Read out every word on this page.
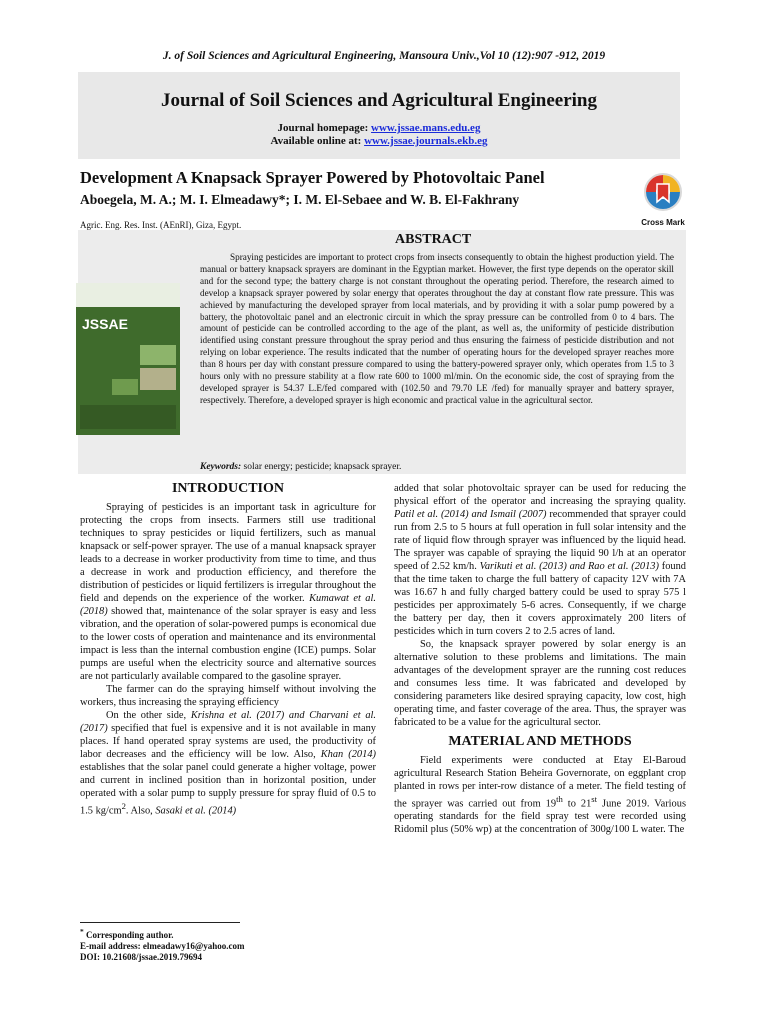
J. of Soil Sciences and Agricultural Engineering, Mansoura Univ.,Vol 10 (12):907 -912, 2019
Journal of Soil Sciences and Agricultural Engineering
Journal homepage: www.jssae.mans.edu.eg
Available online at: www.jssae.journals.ekb.eg
Development A Knapsack Sprayer Powered by Photovoltaic Panel
Aboegela, M. A.; M. I. Elmeadawy*; I. M. El-Sebaee and W. B. El-Fakhrany
Agric. Eng. Res. Inst. (AEnRI), Giza, Egypt.	Cross Mark
ABSTRACT
JSSAE

Spraying pesticides are important to protect crops from insects consequently to obtain the highest production yield. The manual or battery knapsack sprayers are dominant in the Egyptian market. However, the first type depends on the operator skill and for the second type; the battery charge is not constant throughout the operating period. Therefore, the research aimed to develop a knapsack sprayer powered by solar energy that operates throughout the day at constant flow rate pressure. This was achieved by manufacturing the developed sprayer from local materials, and by providing it with a solar pump powered by a battery, the photovoltaic panel and an electronic circuit in which the spray pressure can be controlled from 0 to 4 bars. The amount of pesticide can be controlled according to the age of the plant, as well as, the uniformity of pesticide distribution identified using constant pressure throughout the spray period and thus ensuring the fairness of pesticide distribution and not relying on lobar experience. The results indicated that the number of operating hours for the developed sprayer reaches more than 8 hours per day with constant pressure compared to using the battery-powered sprayer only, which operates from 1.5 to 3 hours only with no pressure stability at a flow rate 600 to 1000 ml/min. On the economic side, the cost of spraying from the developed sprayer is 54.37 L.E/fed compared with (102.50 and 79.70 LE /fed) for manually sprayer and battery sprayer, respectively. Therefore, a developed sprayer is high economic and practical value in the agricultural sector.

Keywords: solar energy; pesticide; knapsack sprayer.
INTRODUCTION

Spraying of pesticides is an important task in agriculture for protecting the crops from insects. Farmers still use traditional techniques to spray pesticides or liquid fertilizers, such as manual knapsack or self-power sprayer. The use of a manual knapsack sprayer leads to a decrease in worker productivity from time to time, and thus a decrease in work and production efficiency, and therefore the distribution of pesticides or liquid fertilizers is irregular throughout the field and depends on the experience of the worker. Kumawat et al. (2018) showed that, maintenance of the solar sprayer is easy and less vibration, and the operation of solar-powered pumps is economical due to the lower costs of operation and maintenance and its environmental impact is less than the internal combustion engine (ICE) pumps. Solar pumps are useful when the electricity source and alternative sources are not particularly available compared to the gasoline sprayer.

The farmer can do the spraying himself without involving the workers, thus increasing the spraying efficiency

On the other side, Krishna et al. (2017) and Charvani et al. (2017) specified that fuel is expensive and it is not available in many places. If hand operated spray systems are used, the productivity of labor decreases and the efficiency will be low. Also, Khan (2014) establishes that the solar panel could generate a higher voltage, power and current in inclined position than in horizontal position, under operated with a solar pump to supply pressure for spray fluid of 0.5 to 1.5 $kg/cm^2$. Also, Sasaki et al. (2014)

added that solar photovoltaic sprayer can be used for reducing the physical effort of the operator and increasing the spraying quality. Patil et al. (2014) and Ismail (2007) recommended that sprayer could run from 2.5 to 5 hours at full operation in full solar intensity and the rate of liquid flow through sprayer was influenced by the liquid head. The sprayer was capable of spraying the liquid 90 l/h at an operator speed of 2.52 km/h. Varikuti et al. (2013) and Rao et al. (2013) found that the time taken to charge the full battery of capacity 12V with 7A was 16.67 h and fully charged battery could be used to spray 575 l pesticides per approximately 5-6 acres. Consequently, if we charge the battery per day, then it covers approximately 200 liters of pesticides which in turn covers 2 to 2.5 acres of land.

So, the knapsack sprayer powered by solar energy is an alternative solution to these problems and limitations. The main advantages of the development sprayer are the running cost reduces and consumes less time. It was fabricated and developed by considering parameters like desired spraying capacity, low cost, high operating time, and faster coverage of the area. Thus, the sprayer was fabricated to be a value for the agricultural sector.

MATERIAL AND METHODS

Field experiments were conducted at Etay El-Baroud agricultural Research Station Beheira Governorate, on eggplant crop planted in rows per inter-row distance of a meter. The field testing of the sprayer was carried out from 19th to 21st June 2019. Various operating standards for the field spray test were recorded using Ridomil plus (50% wp) at the concentration of 300g/100 L water. The

* Corresponding author.
E-mail address: elmeadawy16@yahoo.com
DOI: 10.21608/jssae.2019.79694
